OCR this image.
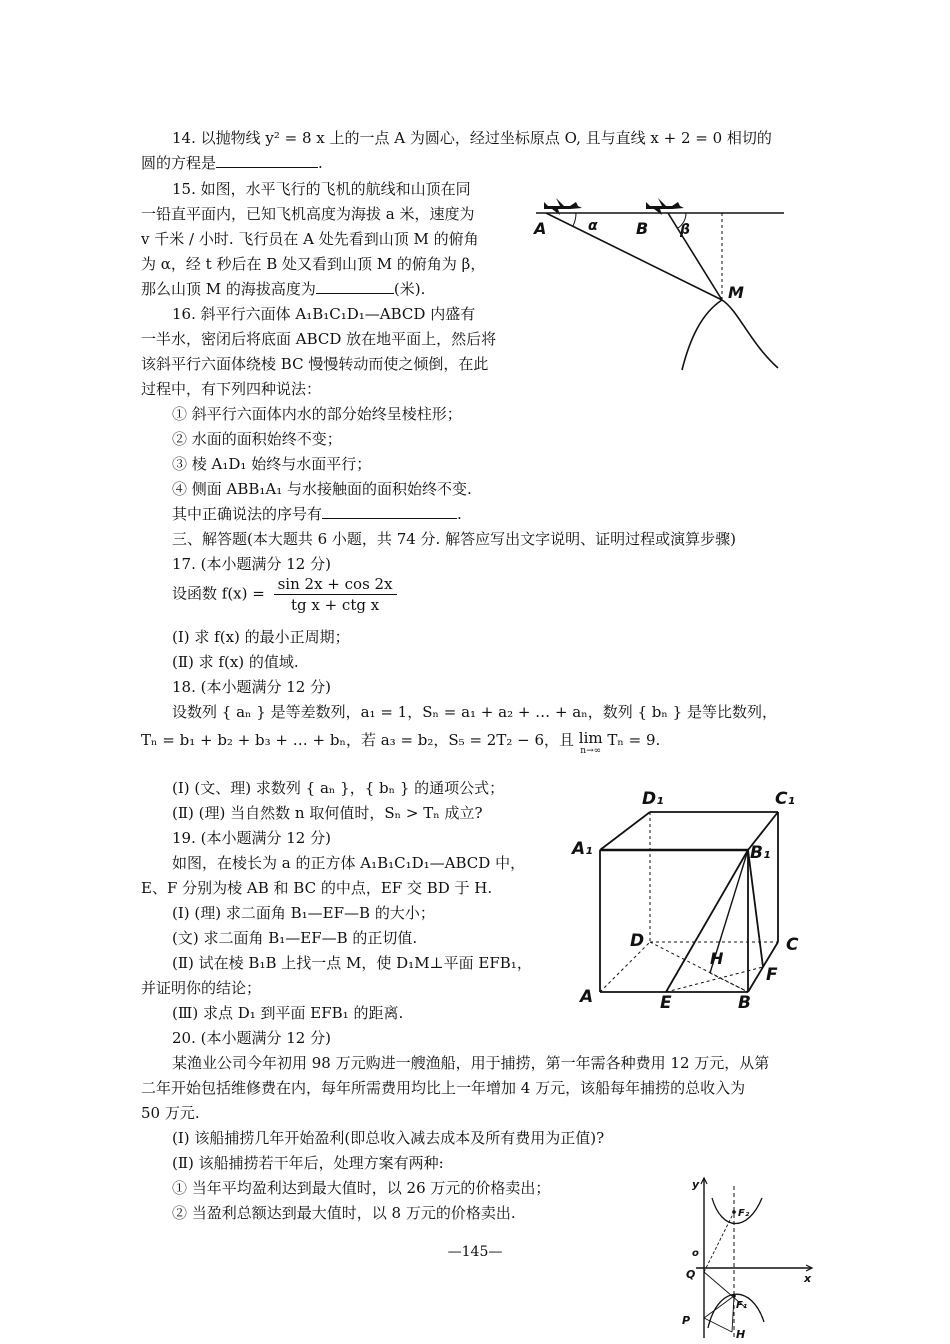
14. 以抛物线 y² = 8 x 上的一点 A 为圆心，经过坐标原点 O, 且与直线 x + 2 = 0 相切的
圆的方程是	.
15. 如图，水平飞行的飞机的航线和山顶在同
一铅直平面内，已知飞机高度为海拔 a 米，速度为
v 千米 / 小时. 飞行员在 A 处先看到山顶 M 的俯角
为 α，经 t 秒后在 B 处又看到山顶 M 的俯角为 β，
那么山顶 M 的海拔高度为	(米).
A	α B β
M
16. 斜平行六面体 A₁B₁C₁D₁—ABCD 内盛有
一半水，密闭后将底面 ABCD 放在地平面上，然后将
该斜平行六面体绕棱 BC 慢慢转动而使之倾倒，在此
过程中，有下列四种说法：
① 斜平行六面体内水的部分始终呈棱柱形；
② 水面的面积始终不变；
③ 棱 A₁D₁ 始终与水面平行；
④ 侧面 ABB₁A₁ 与水接触面的面积始终不变.
其中正确说法的序号有	.
三、解答题(本大题共 6 小题，共 74 分. 解答应写出文字说明、证明过程或演算步骤)
17. (本小题满分 12 分)
设函数 $f(x) = \frac{\sin 2x + \cos 2x}{\text{tg x + ctg x}}$
(Ⅰ) 求 f(x) 的最小正周期；
(Ⅱ) 求 f(x) 的值域.
18. (本小题满分 12 分)
设数列 { aₙ } 是等差数列，a₁ = 1，Sₙ = a₁ + a₂ + … + aₙ，数列 { bₙ } 是等比数列，
Tₙ = b₁ + b₂ + b₃ + … + bₙ，若 a₃ = b₂，S₅ = 2T₂ − 6，且 lim
n→∞
Tₙ = 9.
(Ⅰ) (文、理) 求数列 { aₙ }，{ bₙ } 的通项公式；
(Ⅱ) (理) 当自然数 n 取何值时，Sₙ > Tₙ 成立?
19. (本小题满分 12 分)
如图，在棱长为 a 的正方体 A₁B₁C₁D₁—ABCD 中，
E、F 分别为棱 AB 和 BC 的中点，EF 交 BD 于 H.
(Ⅰ) (理) 求二面角 B₁—EF—B 的大小；
(文) 求二面角 B₁—EF—B 的正切值.
(Ⅱ) 试在棱 B₁B 上找一点 M，使 D₁M⊥平面 EFB₁，
并证明你的结论；
(Ⅲ) 求点 D₁ 到平面 EFB₁ 的距离.
D₁	C₁
A₁	B₁
D	C
H
F
A	E	B
20. (本小题满分 12 分)
某渔业公司今年初用 98 万元购进一艘渔船，用于捕捞，第一年需各种费用 12 万元，从第
二年开始包括维修费在内，每年所需费用均比上一年增加 4 万元，该船每年捕捞的总收入为
50 万元.
(Ⅰ) 该船捕捞几年开始盈利(即总收入减去成本及所有费用为正值)?
(Ⅱ) 该船捕捞若干年后，处理方案有两种:
① 当年平均盈利达到最大值时，以 26 万元的价格卖出；
② 当盈利总额达到最大值时，以 8 万元的价格卖出.
y
F₂
o
Q	x
F₁
P
H
—145—
